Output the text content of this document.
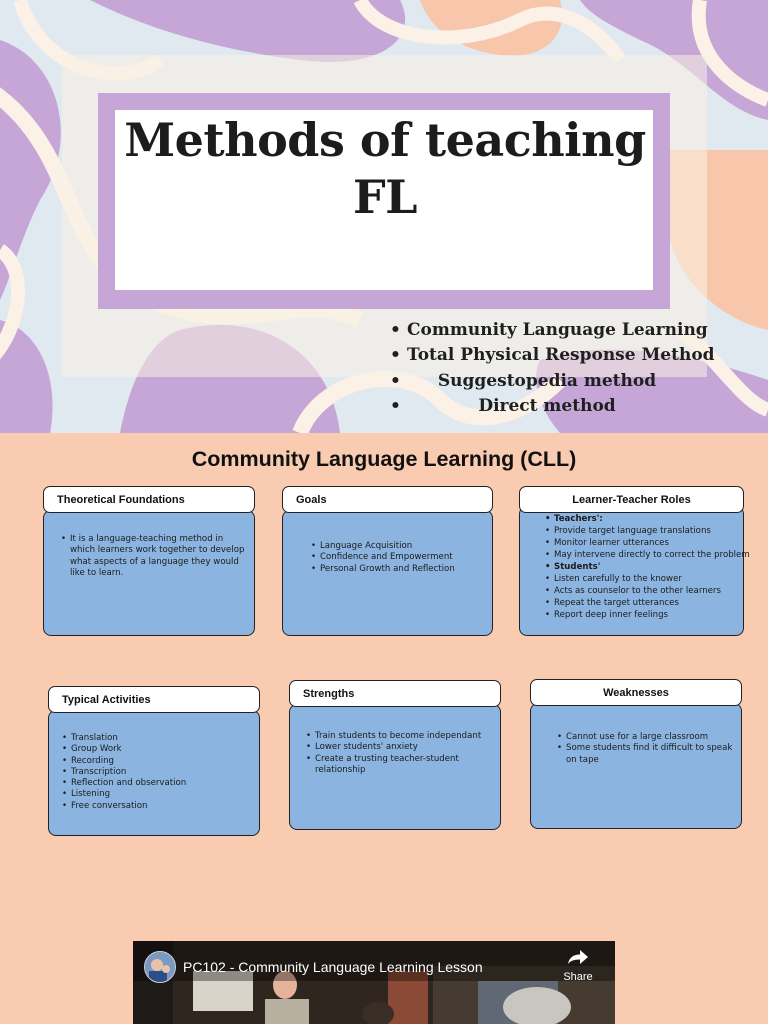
Methods of teaching
FL
• Community Language Learning
• Total Physical Response Method
•	Suggestopedia method
•	Direct method
Community Language Learning (CLL)
Theoretical Foundations
• It is a language-teaching method in which learners work together to develop what aspects of a language they would like to learn.
Goals
• Language Acquisition
• Confidence and Empowerment
• Personal Growth and Reflection
Learner-Teacher Roles
• Teachers':
• Provide target language translations
• Monitor learner utterances
• May intervene directly to correct the problem
• Students'
• Listen carefully to the knower
• Acts as counselor to the other learners
• Repeat the target utterances
• Report deep inner feelings
Typical Activities
• Translation
• Group Work
• Recording
• Transcription
• Reflection and observation
• Listening
• Free conversation
Strengths
• Train students to become independant
• Lower students' anxiety
• Create a trusting teacher-student relationship
Weaknesses
• Cannot use for a large classroom
• Some students find it difficult to speak on tape
PC102 - Community Language Learning Lesson
Share
